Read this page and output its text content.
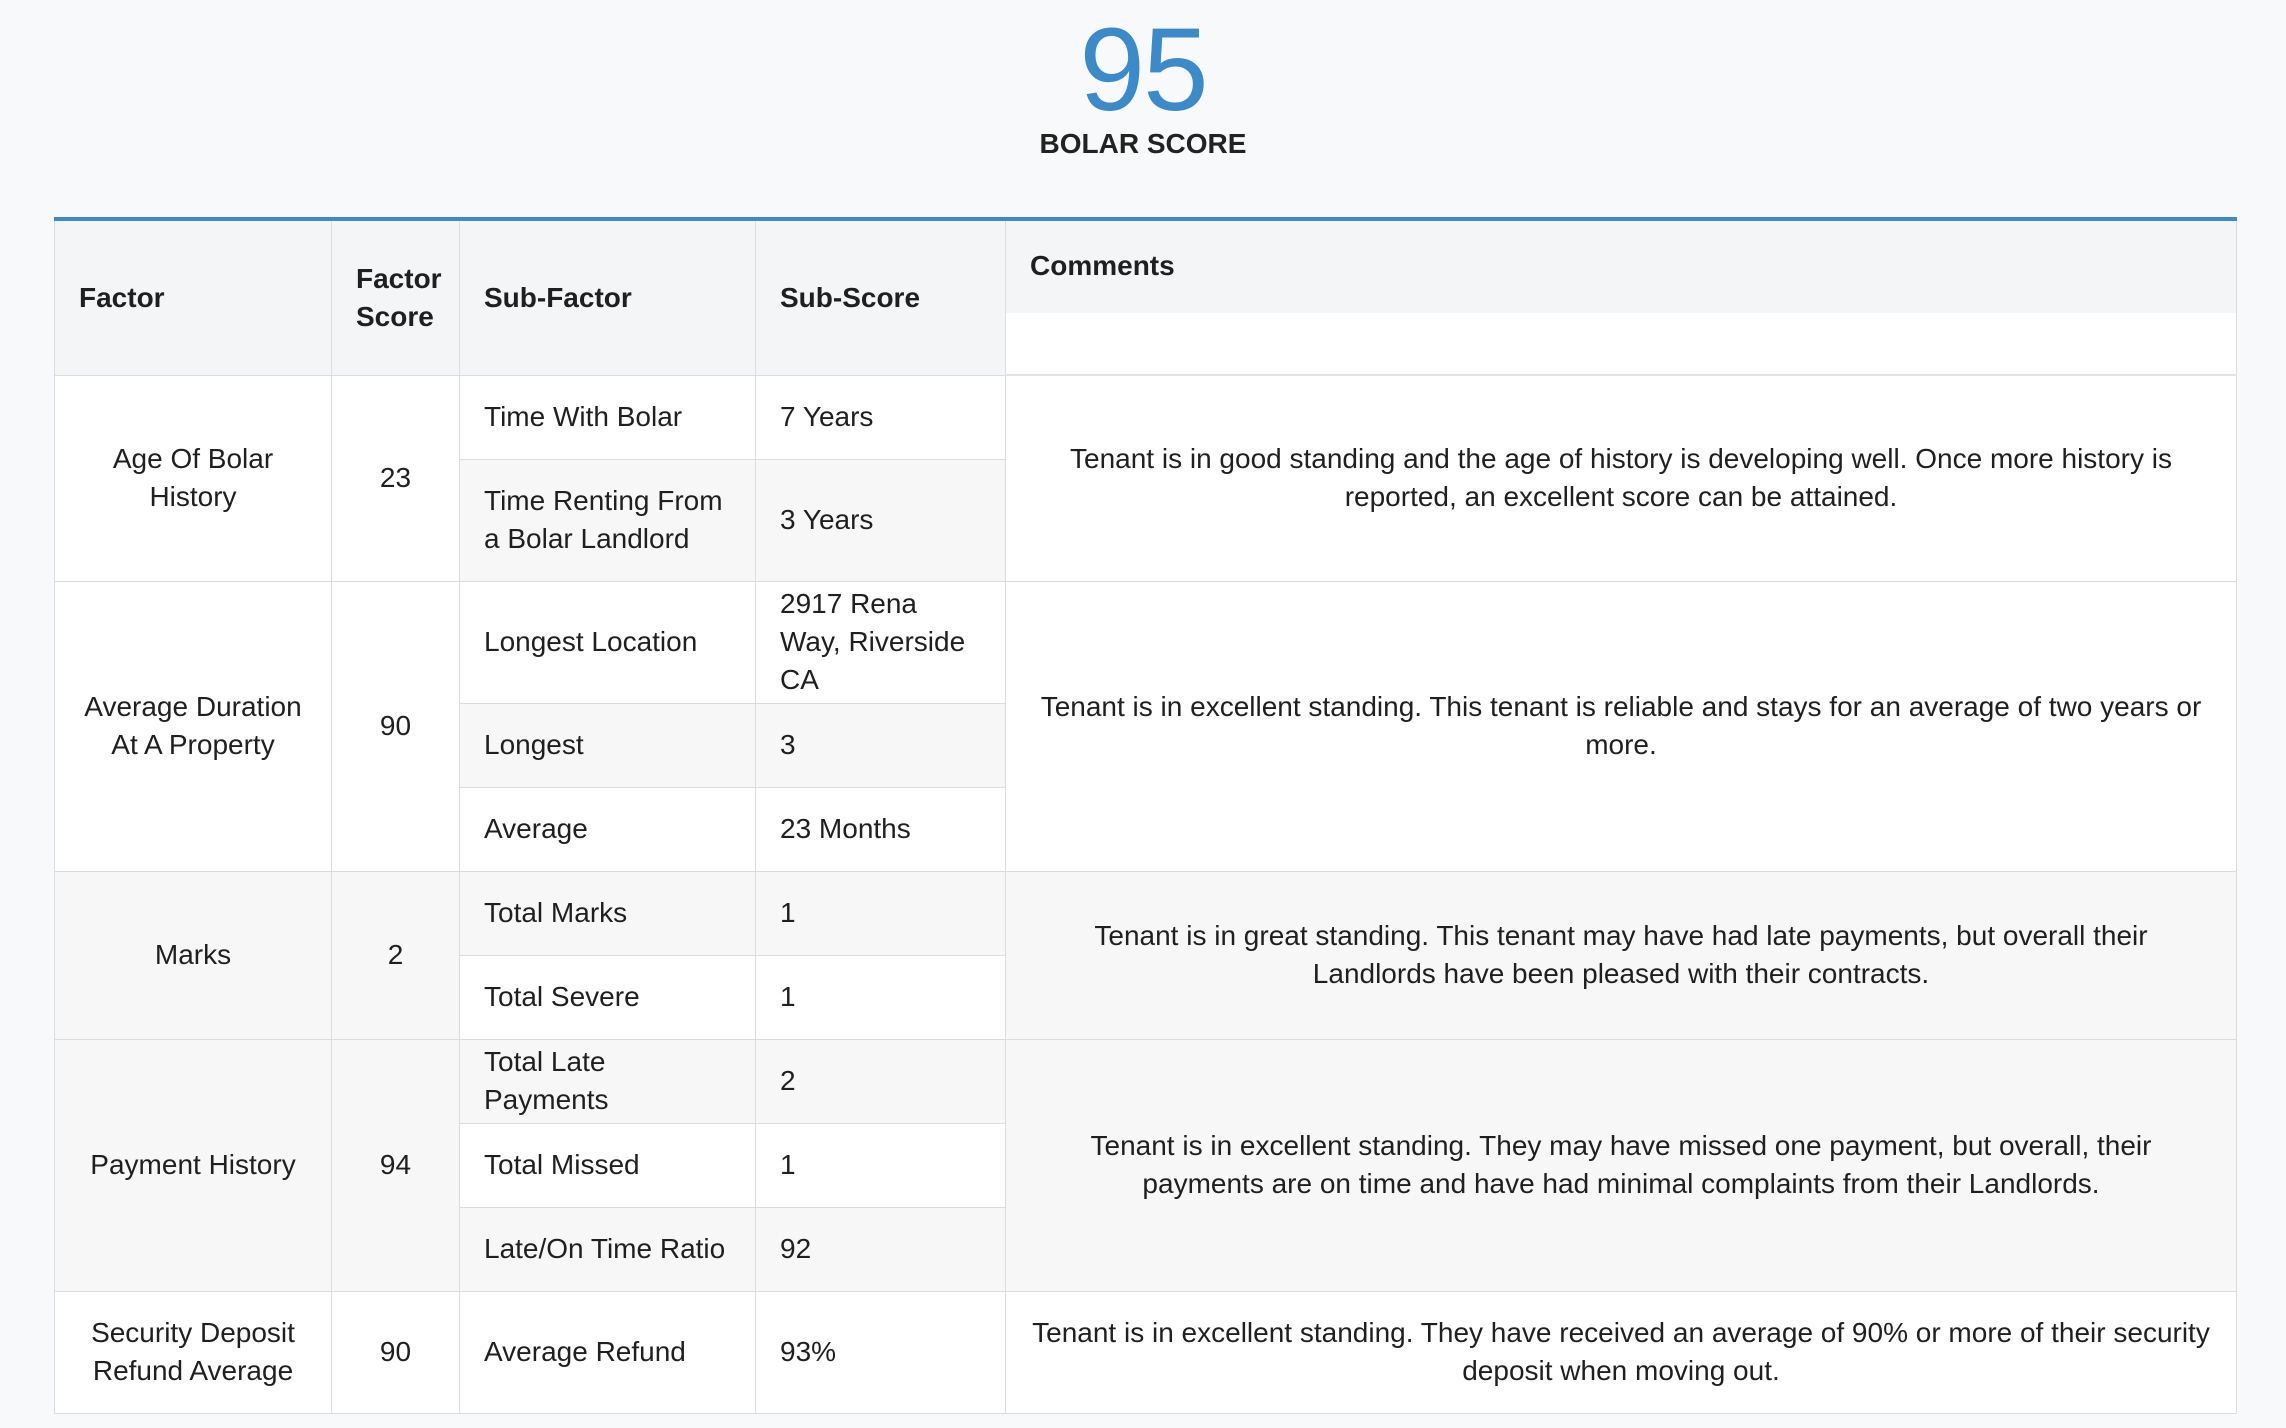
95
BOLAR SCORE
Factor	Factor Score	Sub-Factor	Sub-Score	Comments
Age Of Bolar History	23	Time With Bolar	7 Years	Tenant is in good standing and the age of history is developing well. Once more history is reported, an excellent score can be attained.
		Time Renting From a Bolar Landlord	3 Years	
Average Duration At A Property	90	Longest Location	2917 Rena Way, Riverside CA	Tenant is in excellent standing. This tenant is reliable and stays for an average of two years or more.
		Longest	3	
		Average	23 Months	
Marks	2	Total Marks	1	Tenant is in great standing. This tenant may have had late payments, but overall their Landlords have been pleased with their contracts.
		Total Severe	1	
Payment History	94	Total Late Payments	2	Tenant is in excellent standing. They may have missed one payment, but overall, their payments are on time and have had minimal complaints from their Landlords.
		Total Missed	1	
		Late/On Time Ratio	92	
Security Deposit Refund Average	90	Average Refund	93%	Tenant is in excellent standing. They have received an average of 90% or more of their security deposit when moving out.
